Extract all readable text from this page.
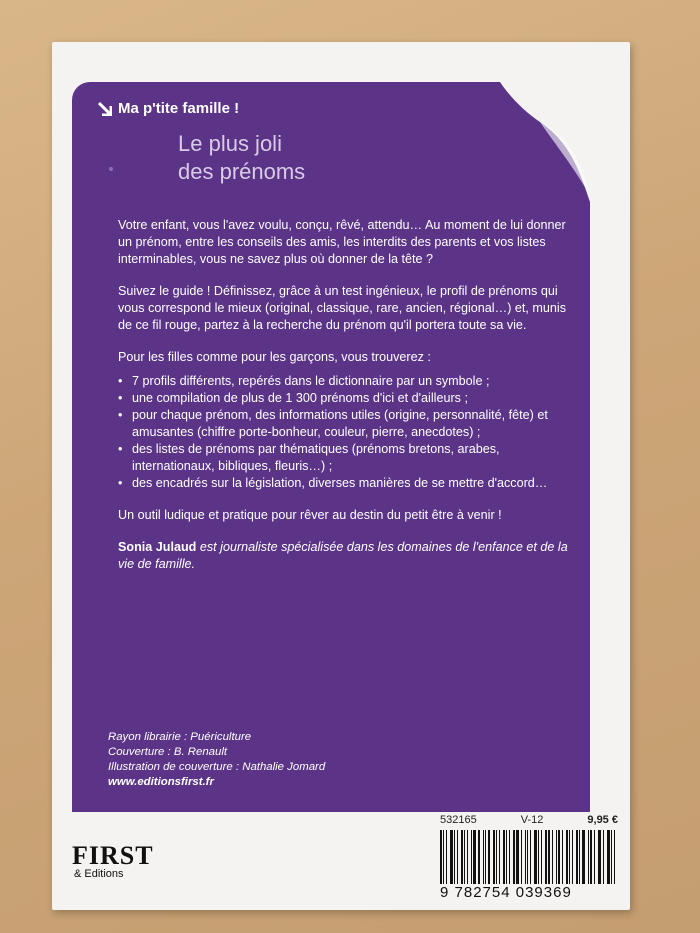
Ma p'tite famille !
Le plus joli
des prénoms

Votre enfant, vous l'avez voulu, conçu, rêvé, attendu… Au moment de lui donner un prénom, entre les conseils des amis, les interdits des parents et vos listes interminables, vous ne savez plus où donner de la tête ?

Suivez le guide ! Définissez, grâce à un test ingénieux, le profil de prénoms qui vous correspond le mieux (original, classique, rare, ancien, régional…) et, munis de ce fil rouge, partez à la recherche du prénom qu'il portera toute sa vie.

Pour les filles comme pour les garçons, vous trouverez :

• 7 profils différents, repérés dans le dictionnaire par un symbole ;
• une compilation de plus de 1 300 prénoms d'ici et d'ailleurs ;
• pour chaque prénom, des informations utiles (origine, personnalité, fête) et amusantes (chiffre porte-bonheur, couleur, pierre, anecdotes) ;
• des listes de prénoms par thématiques (prénoms bretons, arabes, internationaux, bibliques, fleuris…) ;
• des encadrés sur la législation, diverses manières de se mettre d'accord…

Un outil ludique et pratique pour rêver au destin du petit être à venir !

Sonia Julaud est journaliste spécialisée dans les domaines de l'enfance et de la vie de famille.

Rayon librairie : Puériculture
Couverture : B. Renault
Illustration de couverture : Nathalie Jomard
www.editionsfirst.fr
FIRST
& Editions
532165	V-12	9,95 €
9 782754 039369
